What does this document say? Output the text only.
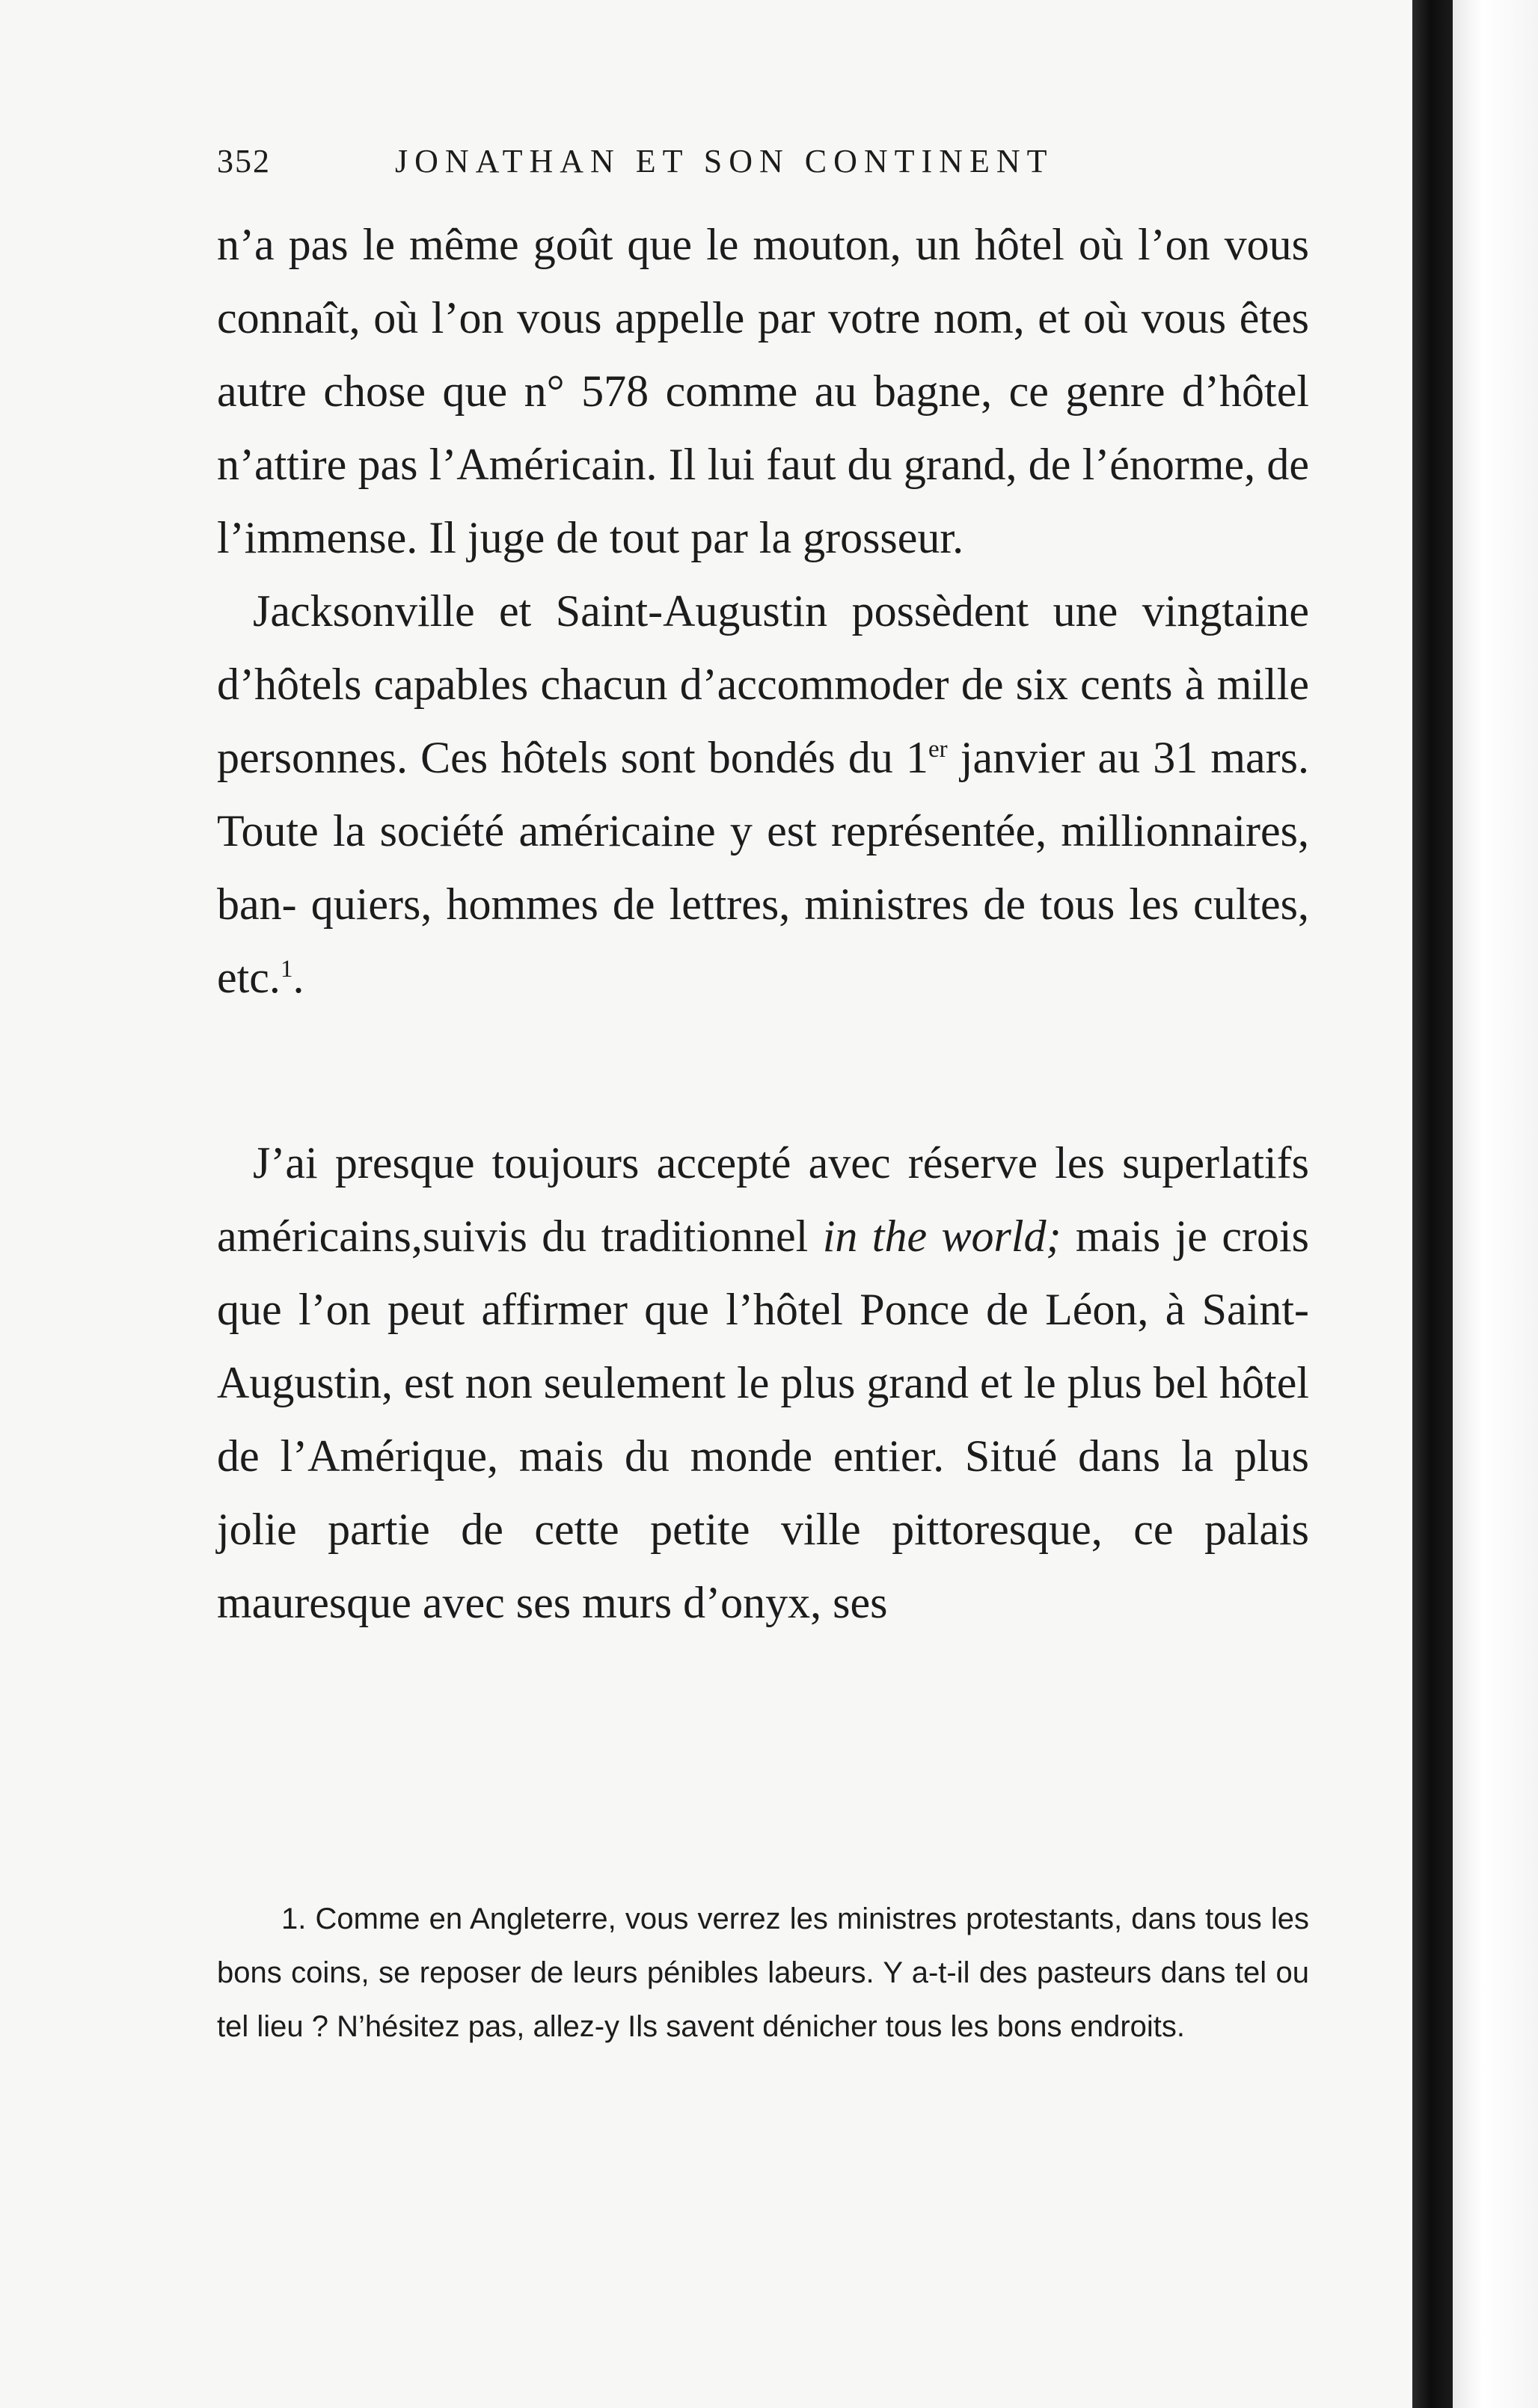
352	JONATHAN ET SON CONTINENT

n’a pas le même goût que le mouton, un hôtel où l’on vous connaît, où l’on vous appelle par votre nom, et où vous êtes autre chose que n° 578 comme au bagne, ce genre d’hôtel n’attire pas l’Américain. Il lui faut du grand, de l’énorme, de l’immense. Il juge de tout par la grosseur.

Jacksonville et Saint-Augustin possèdent une vingtaine d’hôtels capables chacun d’accommoder de six cents à mille personnes. Ces hôtels sont bondés du 1er janvier au 31 mars. Toute la société américaine y est représentée, millionnaires, ban- quiers, hommes de lettres, ministres de tous les cultes, etc.$^1$.

J’ai presque toujours accepté avec réserve les superlatifs américains,suivis du traditionnel in the world; mais je crois que l’on peut affirmer que l’hôtel Ponce de Léon, à Saint-Augustin, est non seulement le plus grand et le plus bel hôtel de l’Amérique, mais du monde entier. Situé dans la plus jolie partie de cette petite ville pittoresque, ce palais mauresque avec ses murs d’onyx, ses

1. Comme en Angleterre, vous verrez les ministres protestants, dans tous les bons coins, se reposer de leurs pénibles labeurs. Y a-t-il des pasteurs dans tel ou tel lieu ? N’hésitez pas, allez-y Ils savent dénicher tous les bons endroits.
